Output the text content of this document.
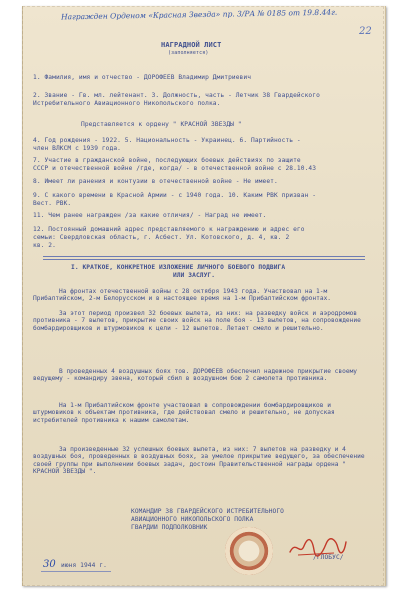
Награжден Орденом «Красная Звезда» пр. 3/РА № 0185 от 19.8.44г.
22
НАГРАДНОЙ ЛИСТ
(заполняется)
1. Фамилия, имя и отчество - ДОРОФЕЕВ Владимир Дмитриевич
2. Звание - Гв. мл. лейтенант. 3. Должность, часть - Летчик 38 Гвардейского
Истребительного Авиационного Никопольского полка.
Представляется к ордену " КРАСНОЙ ЗВЕЗДЫ "
4. Год рождения - 1922. 5. Национальность - Украинец. 6. Партийность -
член ВЛКСМ с 1939 года.
7. Участие в гражданской войне, последующих боевых действиях по защите
СССР и отечественной войне /где, когда/ - в отечественной войне с 28.10.43
8. Имеет ли ранения и контузии в отечественной войне - Не имеет.
9. С какого времени в Красной Армии - с 1940 года. 10. Каким РВК призван -
Вест. РВК.
11. Чем ранее награжден /за какие отличия/ - Наград не имеет.
12. Постоянный домашний адрес представляемого к награждению и адрес его
семьи: Свердловская область, г. Асбест. Ул. Котовского, д. 4, кв. 2
кв. 2.
I. КРАТКОЕ, КОНКРЕТНОЕ ИЗЛОЖЕНИЕ ЛИЧНОГО БОЕВОГО ПОДВИГА
ИЛИ ЗАСЛУГ.
На фронтах отечественной войны с 28 октября 1943 года. Участвовал на 1-м Прибалтийском, 2-м Белорусском и в настоящее время на 1-м Прибалтийском фронтах.
За этот период произвел 32 боевых вылета, из них: на разведку войск и аэродромов противника - 7 вылетов, прикрытие своих войск на поле боя - 13 вылетов, на сопровождение бомбардировщиков и штурмовиков к цели - 12 вылетов. Летает смело и решительно.
В проведенных 4 воздушных боях тов. ДОРОФЕЕВ обеспечил надежное прикрытие своему ведущему - командиру звена, который сбил в воздушном бою 2 самолета противника.
На 1-м Прибалтийском фронте участвовал в сопровождении бомбардировщиков и штурмовиков к объектам противника, где действовал смело и решительно, не допуская истребителей противника к нашим самолетам.
За произведенные 32 успешных боевых вылета, из них: 7 вылетов на разведку и 4 воздушных боя, проведенных в воздушных боях, за умелое прикрытие ведущего, за обеспечение своей группы при выполнении боевых задач, достоин Правительственной награды ордена " КРАСНОЙ ЗВЕЗДЫ ".
КОМАНДИР 38 ГВАРДЕЙСКОГО ИСТРЕБИТЕЛЬНОГО
АВИАЦИОННОГО НИКОПОЛЬСКОГО ПОЛКА
ГВАРДИИ ПОДПОЛКОВНИК
/ГЛОБУС/
30 июня 1944 г.
